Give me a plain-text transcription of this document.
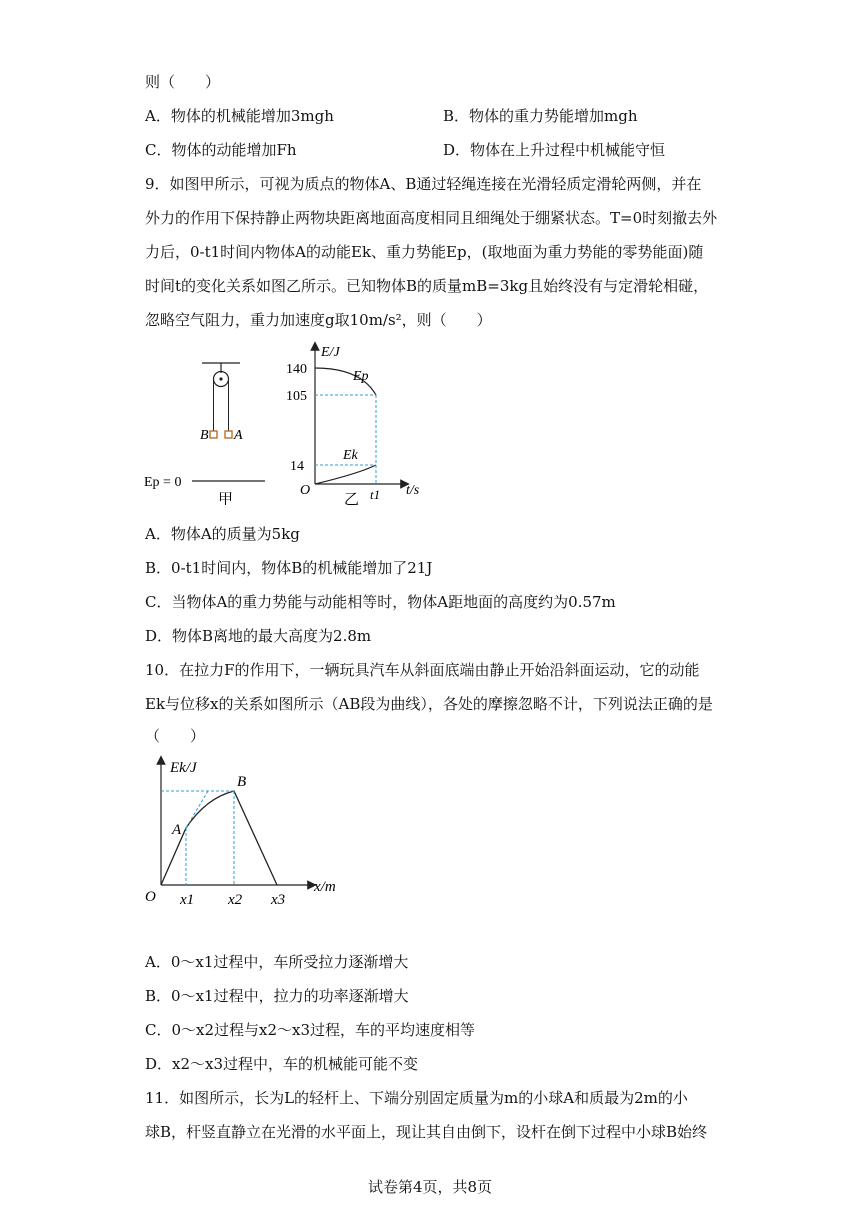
则（　　）
A．物体的机械能增加3mgh	B．物体的重力势能增加mgh
C．物体的动能增加Fh	D．物体在上升过程中机械能守恒
9．如图甲所示，可视为质点的物体A、B通过轻绳连接在光滑轻质定滑轮两侧，并在
外力的作用下保持静止两物块距离地面高度相同且细绳处于绷紧状态。T=0时刻撤去外
力后，0-t1时间内物体A的动能Ek、重力势能Ep，(取地面为重力势能的零势能面)随
时间t的变化关系如图乙所示。已知物体B的质量mB=3kg且始终没有与定滑轮相碰，
忽略空气阻力，重力加速度g取10m/s²，则（　　）
B A
Ep = 0
甲
E/J
t/s
O
140
105
14
Ep
Ek
t1
乙
A．物体A的质量为5kg
B．0-t1时间内，物体B的机械能增加了21J
C．当物体A的重力势能与动能相等时，物体A距地面的高度约为0.57m
D．物体B离地的最大高度为2.8m
10．在拉力F的作用下，一辆玩具汽车从斜面底端由静止开始沿斜面运动，它的动能
Ek与位移x的关系如图所示（AB段为曲线），各处的摩擦忽略不计，下列说法正确的是
（　　）
Ek/J
x/m
O
A
B
x1 x2 x3
A．0～x1过程中，车所受拉力逐渐增大
B．0～x1过程中，拉力的功率逐渐增大
C．0～x2过程与x2～x3过程，车的平均速度相等
D．x2～x3过程中，车的机械能可能不变
11．如图所示，长为L的轻杆上、下端分别固定质量为m的小球A和质最为2m的小
球B，杆竖直静立在光滑的水平面上，现让其自由倒下，设杆在倒下过程中小球B始终
试卷第4页，共8页
